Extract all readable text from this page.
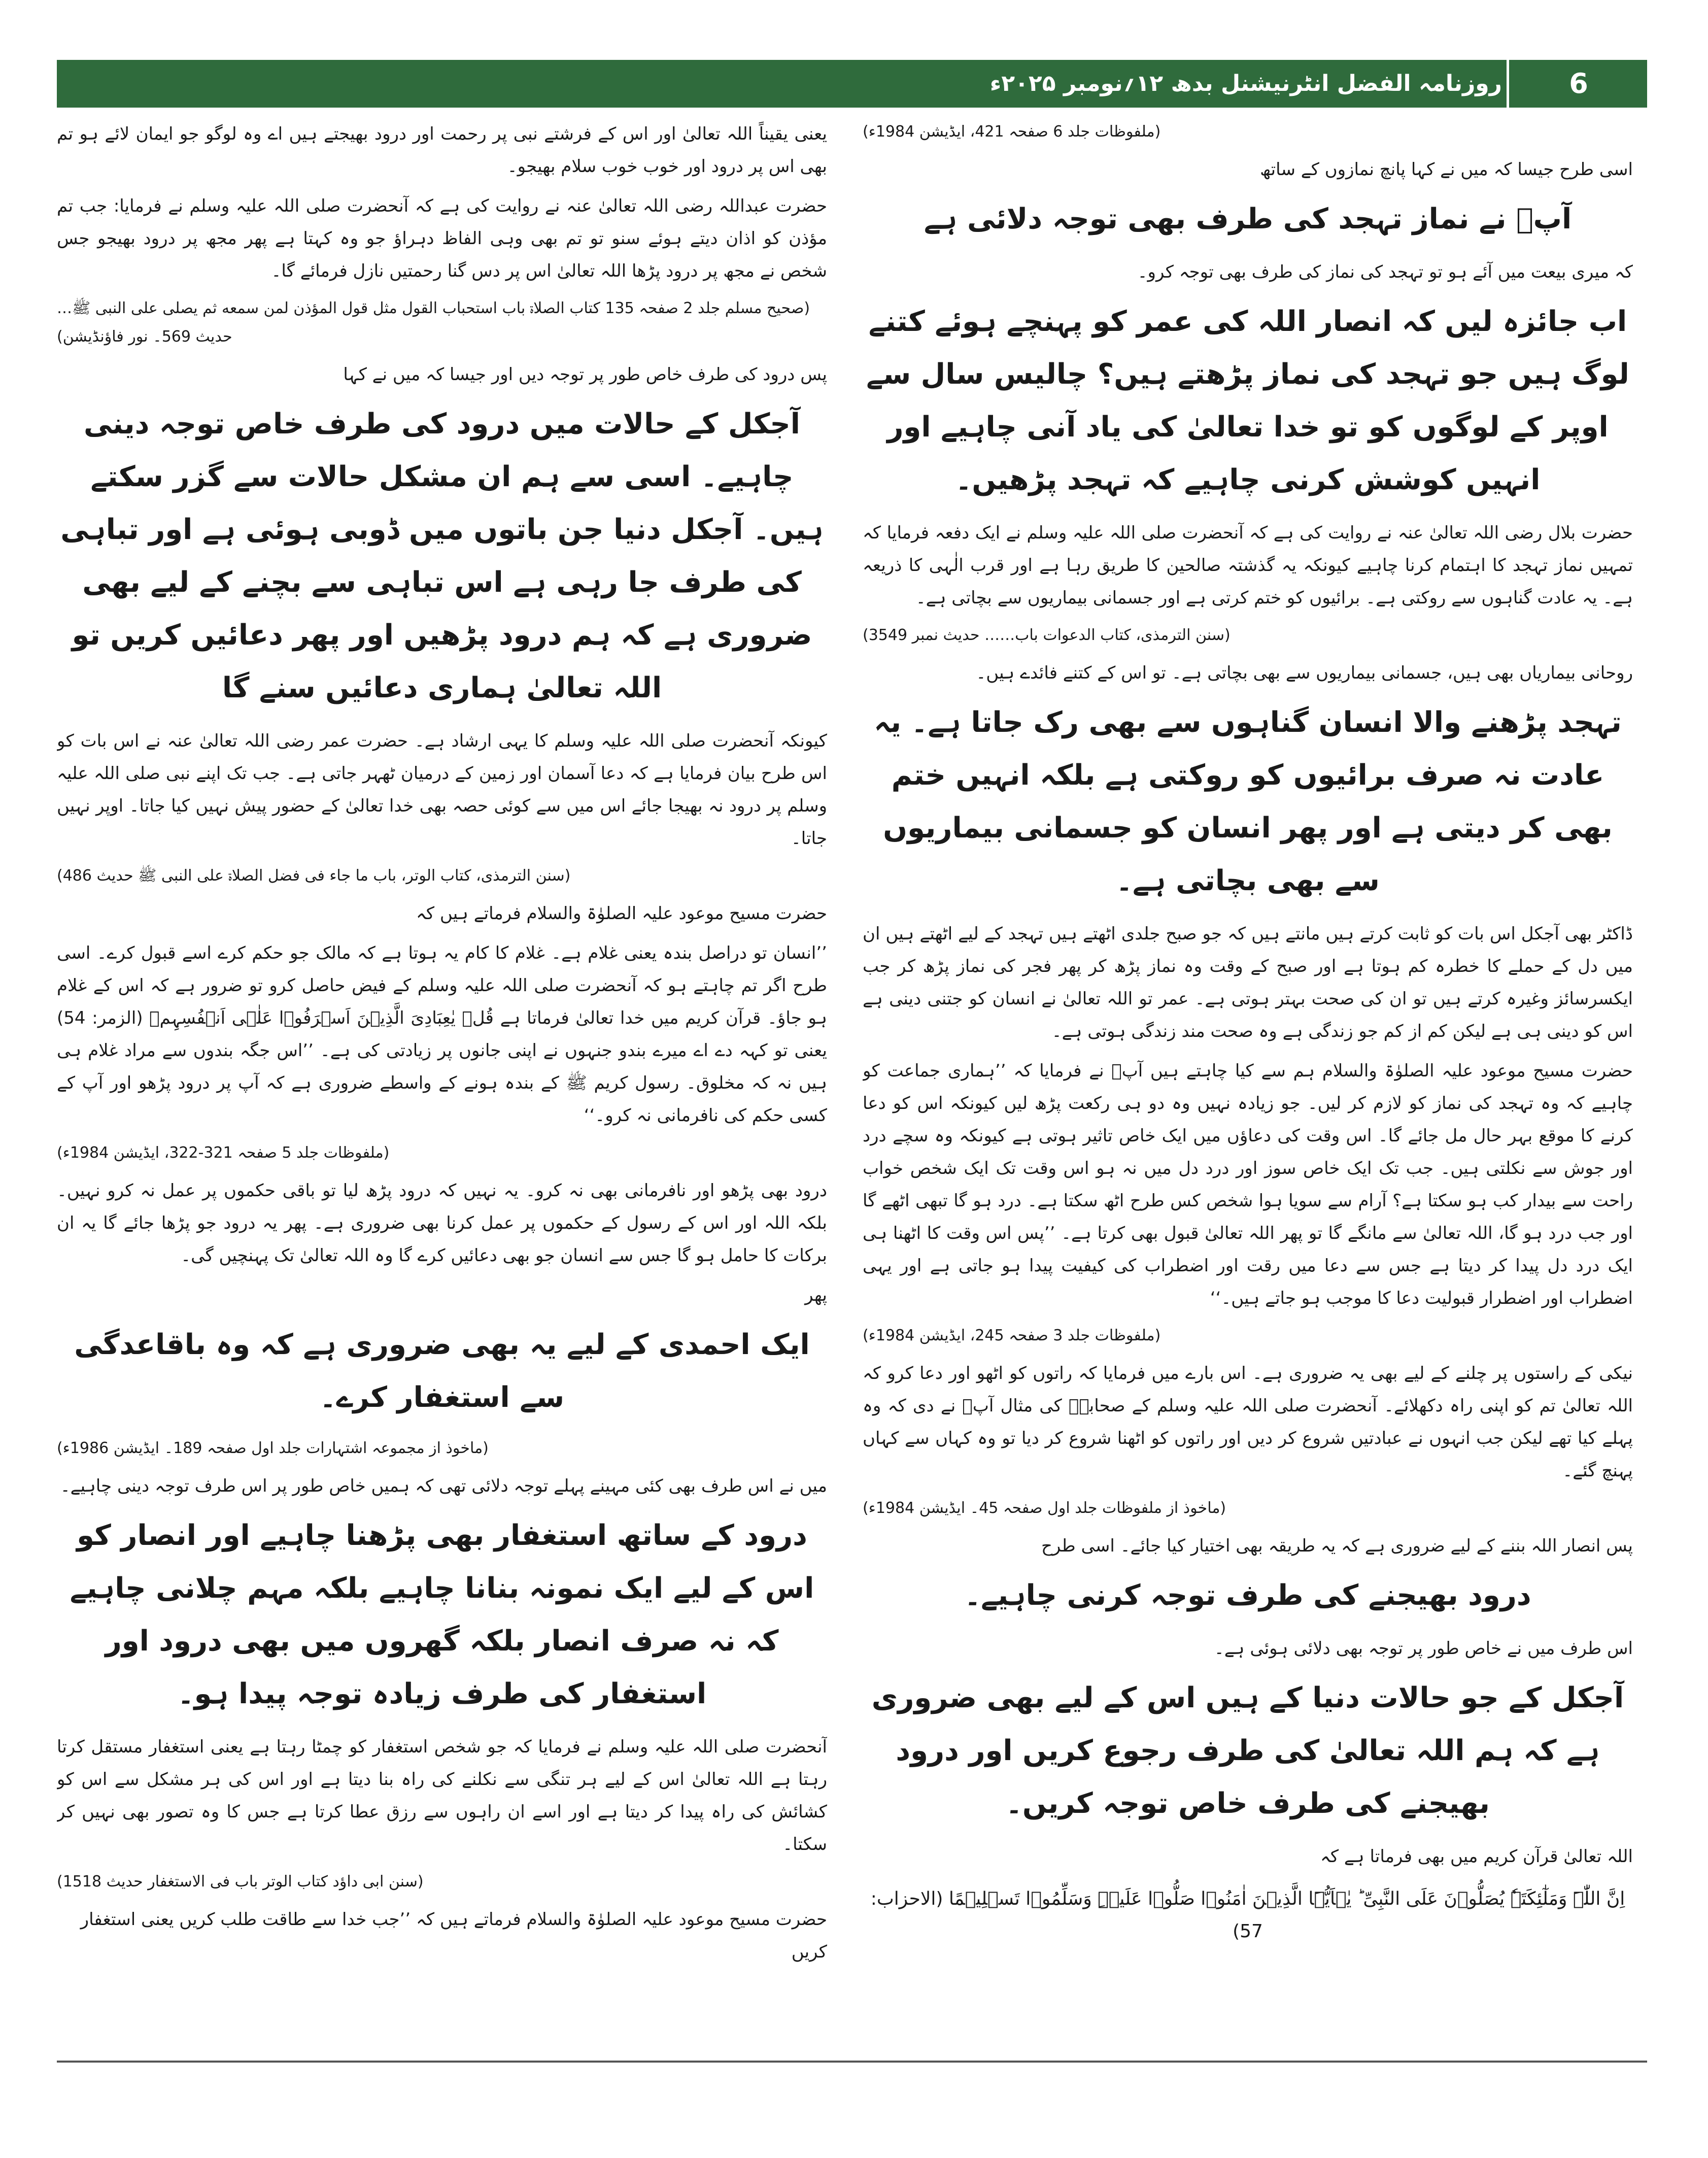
روزنامہ الفضل انٹرنیشنل بدھ ۱۲؍نومبر ۲۰۲۵ء	6

(ملفوظات جلد 6 صفحہ 421، ایڈیشن 1984ء)

اسی طرح جیسا کہ میں نے کہا پانچ نمازوں کے ساتھ

آپؑ نے نماز تہجد کی طرف بھی توجہ دلائی ہے

کہ میری بیعت میں آئے ہو تو تہجد کی نماز کی طرف بھی توجہ کرو۔

اب جائزہ لیں کہ انصار اللہ کی عمر کو پہنچے ہوئے کتنے لوگ ہیں جو تہجد کی نماز پڑھتے ہیں؟ چالیس سال سے اوپر کے لوگوں کو تو خدا تعالیٰ کی یاد آنی چاہیے اور انہیں کوشش کرنی چاہیے کہ تہجد پڑھیں۔

حضرت بلال رضی اللہ تعالیٰ عنہ نے روایت کی ہے کہ آنحضرت صلی اللہ علیہ وسلم نے ایک دفعہ فرمایا کہ تمہیں نماز تہجد کا اہتمام کرنا چاہیے کیونکہ یہ گذشتہ صالحین کا طریق رہا ہے اور قرب الٰہی کا ذریعہ ہے۔ یہ عادت گناہوں سے روکتی ہے۔ برائیوں کو ختم کرتی ہے اور جسمانی بیماریوں سے بچاتی ہے۔

(سنن الترمذی، کتاب الدعوات باب…… حدیث نمبر 3549)

روحانی بیماریاں بھی ہیں، جسمانی بیماریوں سے بھی بچاتی ہے۔ تو اس کے کتنے فائدے ہیں۔

تہجد پڑھنے والا انسان گناہوں سے بھی رک جاتا ہے۔ یہ عادت نہ صرف برائیوں کو روکتی ہے بلکہ انہیں ختم بھی کر دیتی ہے اور پھر انسان کو جسمانی بیماریوں سے بھی بچاتی ہے۔

ڈاکٹر بھی آجکل اس بات کو ثابت کرتے ہیں مانتے ہیں کہ جو صبح جلدی اٹھتے ہیں تہجد کے لیے اٹھتے ہیں ان میں دل کے حملے کا خطرہ کم ہوتا ہے اور صبح کے وقت وہ نماز پڑھ کر پھر فجر کی نماز پڑھ کر جب ایکسرسائز وغیرہ کرتے ہیں تو ان کی صحت بہتر ہوتی ہے۔ عمر تو اللہ تعالیٰ نے انسان کو جتنی دینی ہے اس کو دینی ہی ہے لیکن کم از کم جو زندگی ہے وہ صحت مند زندگی ہوتی ہے۔

حضرت مسیح موعود علیہ الصلوٰۃ والسلام ہم سے کیا چاہتے ہیں آپؑ نے فرمایا کہ ’’ہماری جماعت کو چاہیے کہ وہ تہجد کی نماز کو لازم کر لیں۔ جو زیادہ نہیں وہ دو ہی رکعت پڑھ لیں کیونکہ اس کو دعا کرنے کا موقع بہر حال مل جائے گا۔ اس وقت کی دعاؤں میں ایک خاص تاثیر ہوتی ہے کیونکہ وہ سچے درد اور جوش سے نکلتی ہیں۔ جب تک ایک خاص سوز اور درد دل میں نہ ہو اس وقت تک ایک شخص خواب راحت سے بیدار کب ہو سکتا ہے؟ آرام سے سویا ہوا شخص کس طرح اٹھ سکتا ہے۔ درد ہو گا تبھی اٹھے گا اور جب درد ہو گا، اللہ تعالیٰ سے مانگے گا تو پھر اللہ تعالیٰ قبول بھی کرتا ہے۔ ’’پس اس وقت کا اٹھنا ہی ایک درد دل پیدا کر دیتا ہے جس سے دعا میں رقت اور اضطراب کی کیفیت پیدا ہو جاتی ہے اور یہی اضطراب اور اضطرار قبولیت دعا کا موجب ہو جاتے ہیں۔‘‘

(ملفوظات جلد 3 صفحہ 245، ایڈیشن 1984ء)

نیکی کے راستوں پر چلنے کے لیے بھی یہ ضروری ہے۔ اس بارے میں فرمایا کہ راتوں کو اٹھو اور دعا کرو کہ اللہ تعالیٰ تم کو اپنی راہ دکھلائے۔ آنحضرت صلی اللہ علیہ وسلم کے صحابہؓ کی مثال آپؑ نے دی کہ وہ پہلے کیا تھے لیکن جب انہوں نے عبادتیں شروع کر دیں اور راتوں کو اٹھنا شروع کر دیا تو وہ کہاں سے کہاں پہنچ گئے۔

(ماخوذ از ملفوظات جلد اول صفحہ 45۔ ایڈیشن 1984ء)

پس انصار اللہ بننے کے لیے ضروری ہے کہ یہ طریقہ بھی اختیار کیا جائے۔ اسی طرح

درود بھیجنے کی طرف توجہ کرنی چاہیے۔

اس طرف میں نے خاص طور پر توجہ بھی دلائی ہوئی ہے۔

آجکل کے جو حالات دنیا کے ہیں اس کے لیے بھی ضروری ہے کہ ہم اللہ تعالیٰ کی طرف رجوع کریں اور درود بھیجنے کی طرف خاص توجہ کریں۔

اللہ تعالیٰ قرآن کریم میں بھی فرماتا ہے کہ

اِنَّ اللّٰہَ وَمَلٰٓئِکَتَہٗ یُصَلُّوۡنَ عَلَی النَّبِیِّ ؕ یٰۤاَیُّہَا الَّذِیۡنَ اٰمَنُوۡا صَلُّوۡا عَلَیۡہِ وَسَلِّمُوۡا تَسۡلِیۡمًا (الاحزاب: 57)

یعنی یقیناً اللہ تعالیٰ اور اس کے فرشتے نبی پر رحمت اور درود بھیجتے ہیں اے وہ لوگو جو ایمان لائے ہو تم بھی اس پر درود اور خوب خوب سلام بھیجو۔

حضرت عبداللہ رضی اللہ تعالیٰ عنہ نے روایت کی ہے کہ آنحضرت صلی اللہ علیہ وسلم نے فرمایا: جب تم مؤذن کو اذان دیتے ہوئے سنو تو تم بھی وہی الفاظ دہراؤ جو وہ کہتا ہے پھر مجھ پر درود بھیجو جس شخص نے مجھ پر درود پڑھا اللہ تعالیٰ اس پر دس گنا رحمتیں نازل فرمائے گا۔

(صحیح مسلم جلد 2 صفحہ 135 کتاب الصلاۃ باب استحباب القول مثل قول المؤذن لمن سمعه ثم یصلی علی النبی ﷺ… حدیث 569۔ نور فاؤنڈیشن)

پس درود کی طرف خاص طور پر توجہ دیں اور جیسا کہ میں نے کہا

آجکل کے حالات میں درود کی طرف خاص توجہ دینی چاہیے۔ اسی سے ہم ان مشکل حالات سے گزر سکتے ہیں۔ آجکل دنیا جن باتوں میں ڈوبی ہوئی ہے اور تباہی کی طرف جا رہی ہے اس تباہی سے بچنے کے لیے بھی ضروری ہے کہ ہم درود پڑھیں اور پھر دعائیں کریں تو اللہ تعالیٰ ہماری دعائیں سنے گا

کیونکہ آنحضرت صلی اللہ علیہ وسلم کا یہی ارشاد ہے۔ حضرت عمر رضی اللہ تعالیٰ عنہ نے اس بات کو اس طرح بیان فرمایا ہے کہ دعا آسمان اور زمین کے درمیان ٹھہر جاتی ہے۔ جب تک اپنے نبی صلی اللہ علیہ وسلم پر درود نہ بھیجا جائے اس میں سے کوئی حصہ بھی خدا تعالیٰ کے حضور پیش نہیں کیا جاتا۔ اوپر نہیں جاتا۔

(سنن الترمذی، کتاب الوتر، باب ما جاء فی فضل الصلاۃ علی النبی ﷺ حدیث 486)

حضرت مسیح موعود علیہ الصلوٰۃ والسلام فرماتے ہیں کہ

’’انسان تو دراصل بندہ یعنی غلام ہے۔ غلام کا کام یہ ہوتا ہے کہ مالک جو حکم کرے اسے قبول کرے۔ اسی طرح اگر تم چاہتے ہو کہ آنحضرت صلی اللہ علیہ وسلم کے فیض حاصل کرو تو ضرور ہے کہ اس کے غلام ہو جاؤ۔ قرآن کریم میں خدا تعالیٰ فرماتا ہے قُلۡ یٰعِبَادِیَ الَّذِیۡنَ اَسۡرَفُوۡا عَلٰۤی اَنۡفُسِہِمۡ (الزمر: 54) یعنی تو کہہ دے اے میرے بندو جنہوں نے اپنی جانوں پر زیادتی کی ہے۔ ’’اس جگہ بندوں سے مراد غلام ہی ہیں نہ کہ مخلوق۔ رسول کریم ﷺ کے بندہ ہونے کے واسطے ضروری ہے کہ آپ پر درود پڑھو اور آپ کے کسی حکم کی نافرمانی نہ کرو۔‘‘

(ملفوظات جلد 5 صفحہ 321-322، ایڈیشن 1984ء)

درود بھی پڑھو اور نافرمانی بھی نہ کرو۔ یہ نہیں کہ درود پڑھ لیا تو باقی حکموں پر عمل نہ کرو نہیں۔ بلکہ اللہ اور اس کے رسول کے حکموں پر عمل کرنا بھی ضروری ہے۔ پھر یہ درود جو پڑھا جائے گا یہ ان برکات کا حامل ہو گا جس سے انسان جو بھی دعائیں کرے گا وہ اللہ تعالیٰ تک پہنچیں گی۔

پھر

ایک احمدی کے لیے یہ بھی ضروری ہے کہ وہ باقاعدگی سے استغفار کرے۔

(ماخوذ از مجموعہ اشتہارات جلد اول صفحہ 189۔ ایڈیشن 1986ء)

میں نے اس طرف بھی کئی مہینے پہلے توجہ دلائی تھی کہ ہمیں خاص طور پر اس طرف توجہ دینی چاہیے۔

درود کے ساتھ استغفار بھی پڑھنا چاہیے اور انصار کو اس کے لیے ایک نمونہ بنانا چاہیے بلکہ مہم چلانی چاہیے کہ نہ صرف انصار بلکہ گھروں میں بھی درود اور استغفار کی طرف زیادہ توجہ پیدا ہو۔

آنحضرت صلی اللہ علیہ وسلم نے فرمایا کہ جو شخص استغفار کو چمٹا رہتا ہے یعنی استغفار مستقل کرتا رہتا ہے اللہ تعالیٰ اس کے لیے ہر تنگی سے نکلنے کی راہ بنا دیتا ہے اور اس کی ہر مشکل سے اس کو کشائش کی راہ پیدا کر دیتا ہے اور اسے ان راہوں سے رزق عطا کرتا ہے جس کا وہ تصور بھی نہیں کر سکتا۔

(سنن ابی داؤد کتاب الوتر باب فی الاستغفار حدیث 1518)

حضرت مسیح موعود علیہ الصلوٰۃ والسلام فرماتے ہیں کہ ’’جب خدا سے طاقت طلب کریں یعنی استغفار کریں
